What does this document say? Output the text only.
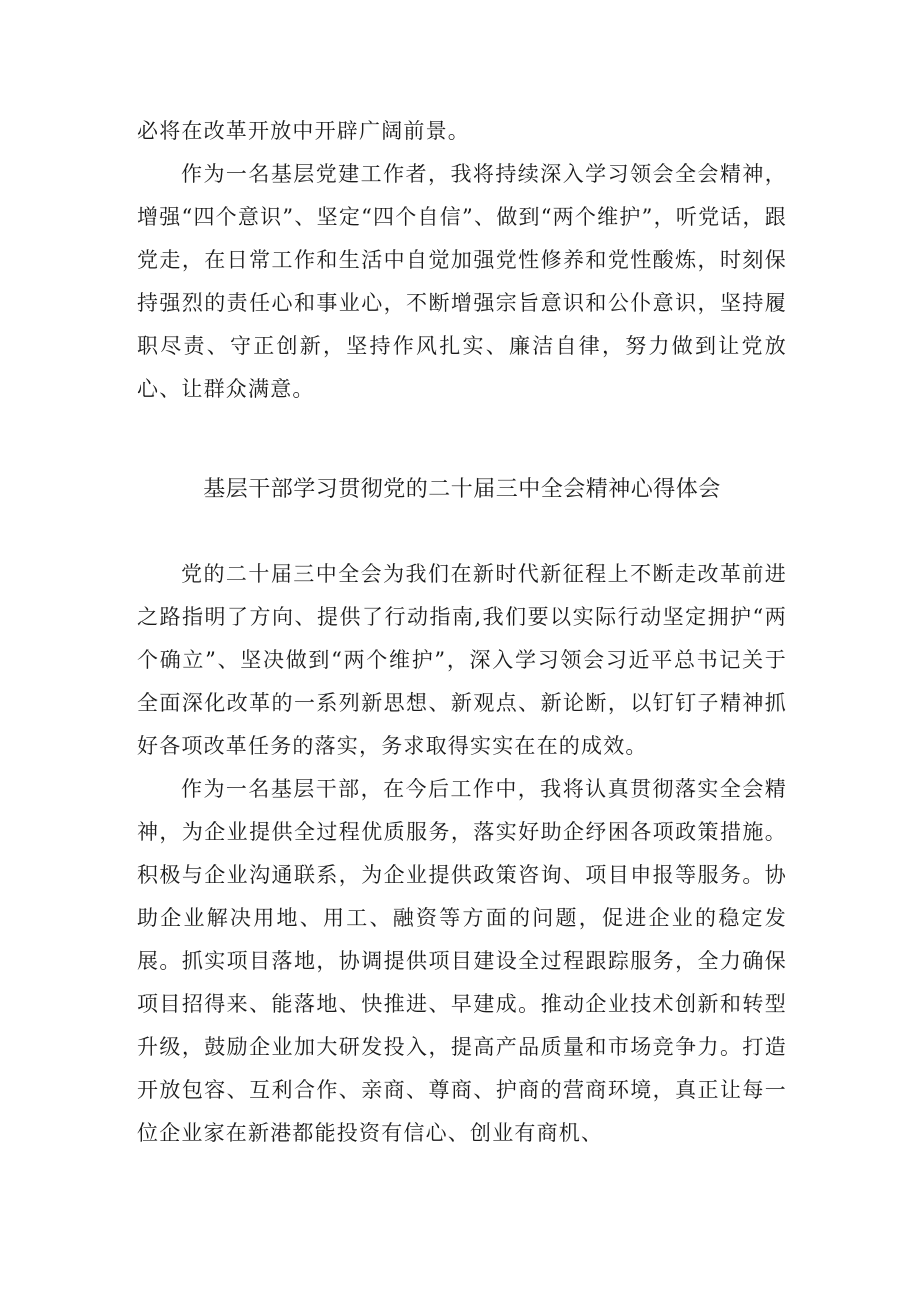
必将在改革开放中开辟广阔前景。

作为一名基层党建工作者，我将持续深入学习领会全会精神，增强“四个意识”、坚定“四个自信”、做到“两个维护”，听党话，跟党走，在日常工作和生活中自觉加强党性修养和党性酸炼，时刻保持强烈的责任心和事业心，不断增强宗旨意识和公仆意识，坚持履职尽责、守正创新，坚持作风扎实、廉洁自律，努力做到让党放心、让群众满意。

基层干部学习贯彻党的二十届三中全会精神心得体会

党的二十届三中全会为我们在新时代新征程上不断走改革前进之路指明了方向、提供了行动指南,我们要以实际行动坚定拥护“两个确立”、坚决做到“两个维护”，深入学习领会习近平总书记关于全面深化改革的一系列新思想、新观点、新论断，以钉钉子精神抓好各项改革任务的落实，务求取得实实在在的成效。

作为一名基层干部，在今后工作中，我将认真贯彻落实全会精神，为企业提供全过程优质服务，落实好助企纾困各项政策措施。积极与企业沟通联系，为企业提供政策咨询、项目申报等服务。协助企业解决用地、用工、融资等方面的问题，促进企业的稳定发展。抓实项目落地，协调提供项目建设全过程跟踪服务，全力确保项目招得来、能落地、快推进、早建成。推动企业技术创新和转型升级，鼓励企业加大研发投入，提高产品质量和市场竞争力。打造开放包容、互利合作、亲商、尊商、护商的营商环境，真正让每一位企业家在新港都能投资有信心、创业有商机、
